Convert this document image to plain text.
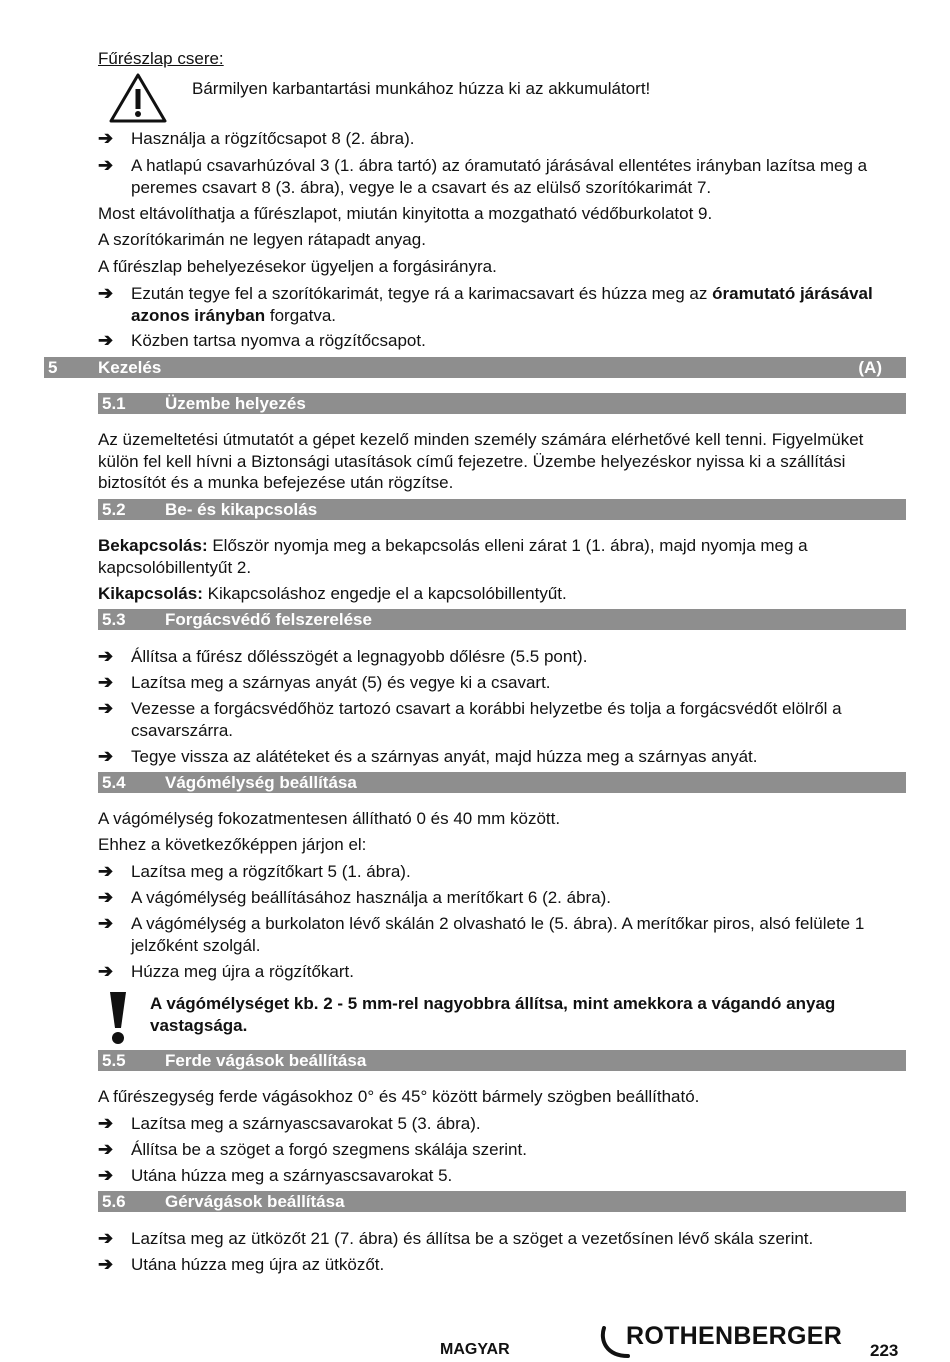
Fűrészlap csere:
Bármilyen karbantartási munkához húzza ki az akkumulátort!
➔ Használja a rögzítőcsapot 8 (2. ábra).
➔ A hatlapú csavarhúzóval 3 (1. ábra tartó) az óramutató járásával ellentétes irányban lazítsa meg a peremes csavart 8 (3. ábra), vegye le a csavart és az elülső szorítókarimát 7.

Most eltávolíthatja a fűrészlapot, miután kinyitotta a mozgatható védőburkolatot 9.

A szorítókarimán ne legyen rátapadt anyag.

A fűrészlap behelyezésekor ügyeljen a forgásirányra.

➔ Ezután tegye fel a szorítókarimát, tegye rá a karimacsavart és húzza meg az óramutató járásával azonos irányban forgatva.
➔ Közben tartsa nyomva a rögzítőcsapot.
5 Kezelés	(A)
5.1 Üzembe helyezés

Az üzemeltetési útmutatót a gépet kezelő minden személy számára elérhetővé kell tenni. Figyelmüket külön fel kell hívni a Biztonsági utasítások című fejezetre. Üzembe helyezéskor nyissa ki a szállítási biztosítót és a munka befejezése után rögzítse.

5.2 Be- és kikapcsolás

Bekapcsolás: Először nyomja meg a bekapcsolás elleni zárat 1 (1. ábra), majd nyomja meg a kapcsolóbillentyűt 2.

Kikapcsolás: Kikapcsoláshoz engedje el a kapcsolóbillentyűt.

5.3 Forgácsvédő felszerelése
➔ Állítsa a fűrész dőlésszögét a legnagyobb dőlésre (5.5 pont).
➔ Lazítsa meg a szárnyas anyát (5) és vegye ki a csavart.
➔ Vezesse a forgácsvédőhöz tartozó csavart a korábbi helyzetbe és tolja a forgácsvédőt elölről a csavarszárra.
➔ Tegye vissza az alátéteket és a szárnyas anyát, majd húzza meg a szárnyas anyát.
5.4 Vágómélység beállítása

A vágómélység fokozatmentesen állítható 0 és 40 mm között.

Ehhez a következőképpen járjon el:

➔ Lazítsa meg a rögzítőkart 5 (1. ábra).
➔ A vágómélység beállításához használja a merítőkart 6 (2. ábra).
➔ A vágómélység a burkolaton lévő skálán 2 olvasható le (5. ábra). A merítőkar piros, alsó felülete 1 jelzőként szolgál.
➔ Húzza meg újra a rögzítőkart.
A vágómélységet kb. 2 - 5 mm-rel nagyobbra állítsa, mint amekkora a vágandó anyag vastagsága.
5.5 Ferde vágások beállítása

A fűrészegység ferde vágásokhoz 0° és 45° között bármely szögben beállítható.

➔ Lazítsa meg a szárnyascsavarokat 5 (3. ábra).
➔ Állítsa be a szöget a forgó szegmens skálája szerint.
➔ Utána húzza meg a szárnyascsavarokat 5.
5.6 Gérvágások beállítása
➔ Lazítsa meg az ütközőt 21 (7. ábra) és állítsa be a szöget a vezetősínen lévő skála szerint.
➔ Utána húzza meg újra az ütközőt.
MAGYAR	ROTHENBERGER
223
